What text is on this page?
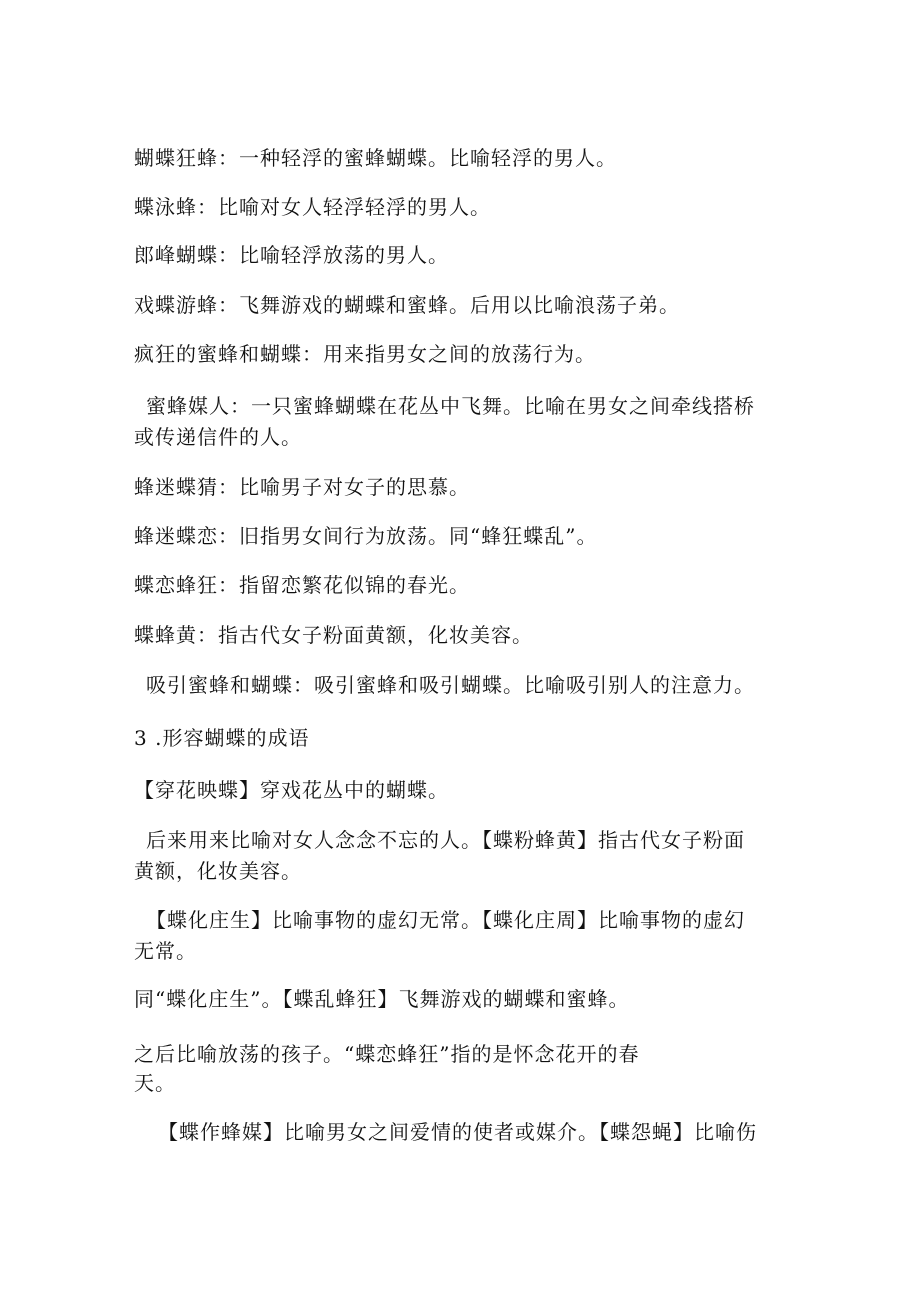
蝴蝶狂蜂：一种轻浮的蜜蜂蝴蝶。比喻轻浮的男人。
蝶泳蜂：比喻对女人轻浮轻浮的男人。
郎峰蝴蝶：比喻轻浮放荡的男人。
戏蝶游蜂：飞舞游戏的蝴蝶和蜜蜂。后用以比喻浪荡子弟。
疯狂的蜜蜂和蝴蝶：用来指男女之间的放荡行为。
蜜蜂媒人：一只蜜蜂蝴蝶在花丛中飞舞。比喻在男女之间牵线搭桥
或传递信件的人。
蜂迷蝶猜：比喻男子对女子的思慕。
蜂迷蝶恋：旧指男女间行为放荡。同“蜂狂蝶乱”。
蝶恋蜂狂：指留恋繁花似锦的春光。
蝶蜂黄：指古代女子粉面黄额，化妆美容。
吸引蜜蜂和蝴蝶：吸引蜜蜂和吸引蝴蝶。比喻吸引别人的注意力。
3 .形容蝴蝶的成语
【穿花映蝶】穿戏花丛中的蝴蝶。
后来用来比喻对女人念念不忘的人。【蝶粉蜂黄】指古代女子粉面
黄额，化妆美容。
【蝶化庄生】比喻事物的虚幻无常。【蝶化庄周】比喻事物的虚幻
无常。
同“蝶化庄生”。【蝶乱蜂狂】飞舞游戏的蝴蝶和蜜蜂。
之后比喻放荡的孩子。“蝶恋蜂狂”指的是怀念花开的春
天。
【蝶作蜂媒】比喻男女之间爱情的使者或媒介。【蝶怨蝇】比喻伤
